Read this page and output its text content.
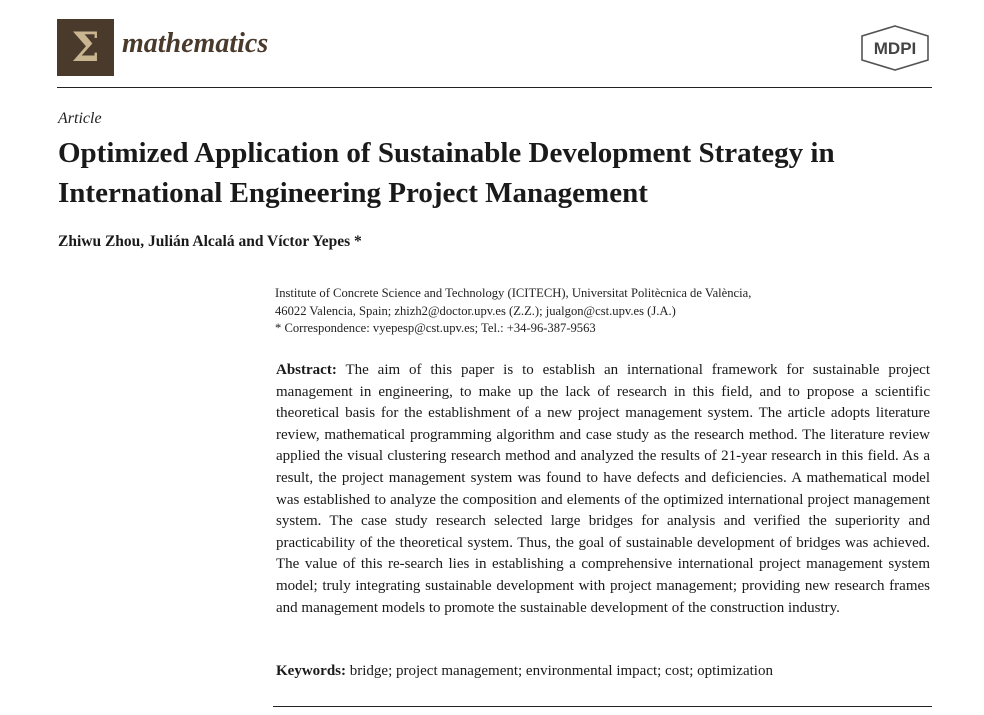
Σ mathematics	MDPI
Article
Optimized Application of Sustainable Development Strategy in International Engineering Project Management
Zhiwu Zhou, Julián Alcalá and Víctor Yepes *
Institute of Concrete Science and Technology (ICITECH), Universitat Politècnica de València,
46022 Valencia, Spain; zhizh2@doctor.upv.es (Z.Z.); jualgon@cst.upv.es (J.A.)
* Correspondence: vyepesp@cst.upv.es; Tel.: +34-96-387-9563

Abstract: The aim of this paper is to establish an international framework for sustainable project management in engineering, to make up the lack of research in this field, and to propose a scientific theoretical basis for the establishment of a new project management system. The article adopts literature review, mathematical programming algorithm and case study as the research method. The literature review applied the visual clustering research method and analyzed the results of 21-year research in this field. As a result, the project management system was found to have defects and deficiencies. A mathematical model was established to analyze the composition and elements of the optimized international project management system. The case study research selected large bridges for analysis and verified the superiority and practicability of the theoretical system. Thus, the goal of sustainable development of bridges was achieved. The value of this re-search lies in establishing a comprehensive international project management system model; truly integrating sustainable development with project management; providing new research frames and management models to promote the sustainable development of the construction industry.

Keywords: bridge; project management; environmental impact; cost; optimization
